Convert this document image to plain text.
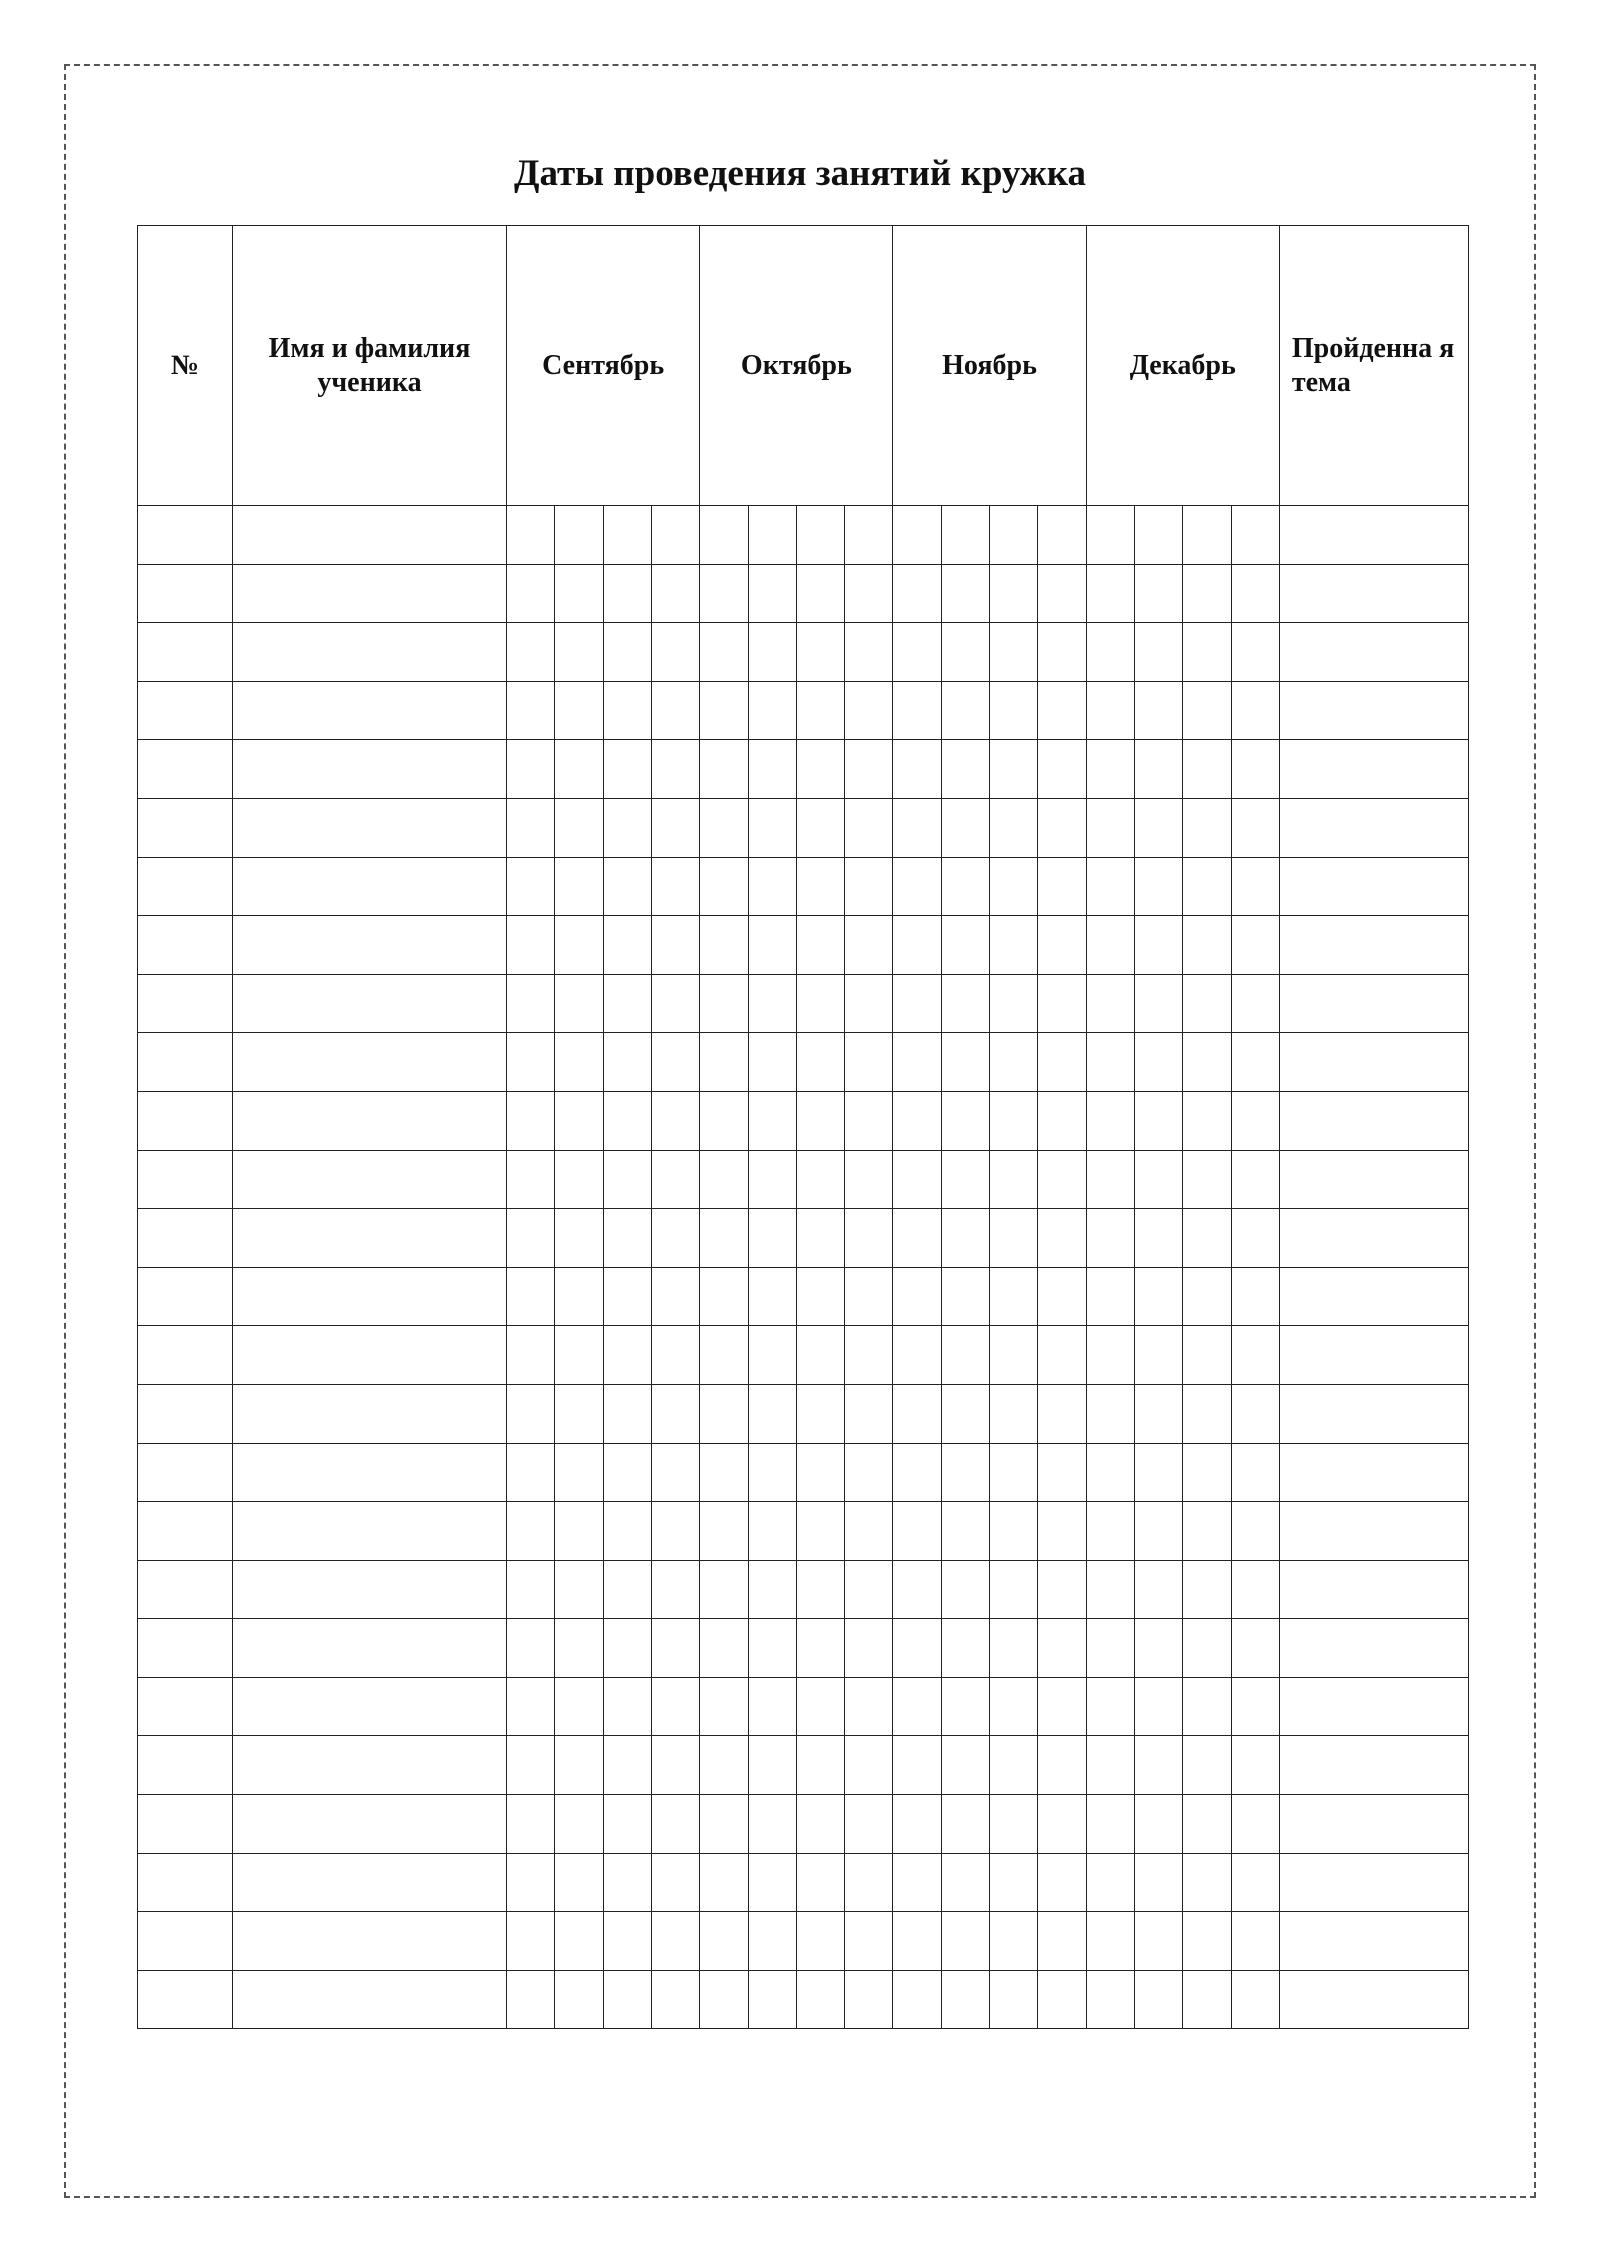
Даты проведения занятий кружка
№	Имя и фамилия ученика	Сентябрь				Октябрь				Ноябрь				Декабрь				Пройденна я тема
